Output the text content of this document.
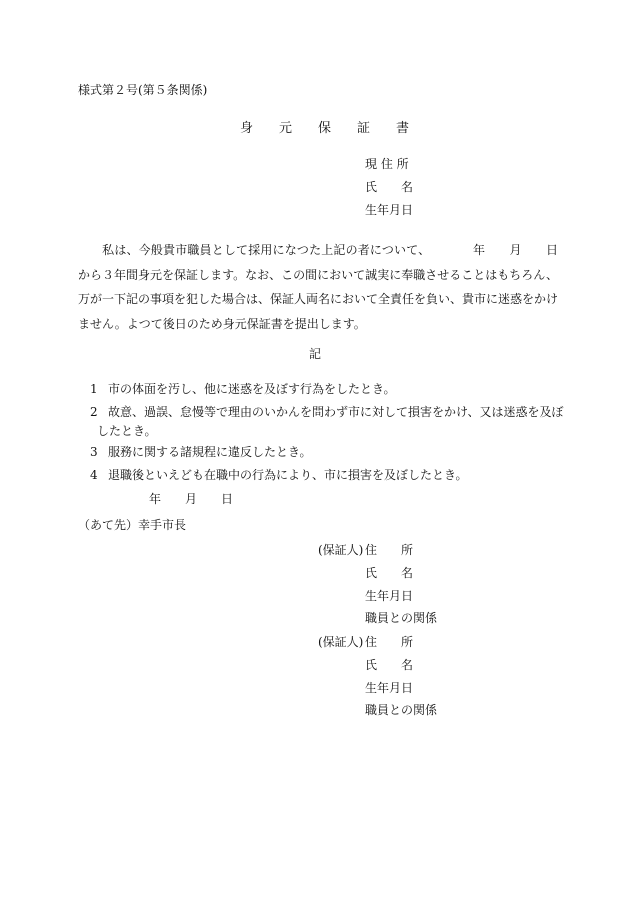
様式第２号(第５条関係)
身　　元　　保　　証　　書
現 住 所
氏　　名
生年月日
私は、今般貴市職員として採用になつた上記の者について、　　　　年　　月　　日から３年間身元を保証します。なお、この間において誠実に奉職させることはもちろん、万が一下記の事項を犯した場合は、保証人両名において全責任を負い、貴市に迷惑をかけません。よつて後日のため身元保証書を提出します。
記
1 市の体面を汚し、他に迷惑を及ぼす行為をしたとき。
2 故意、過誤、怠慢等で理由のいかんを問わず市に対して損害をかけ、又は迷惑を及ぼ
したとき。
3 服務に関する諸規程に違反したとき。
4 退職後といえども在職中の行為により、市に損害を及ぼしたとき。
年　　月　　日
（あて先）幸手市長
(保証人) 住　　所
氏　　名
生年月日
職員との関係
(保証人) 住　　所
氏　　名
生年月日
職員との関係
